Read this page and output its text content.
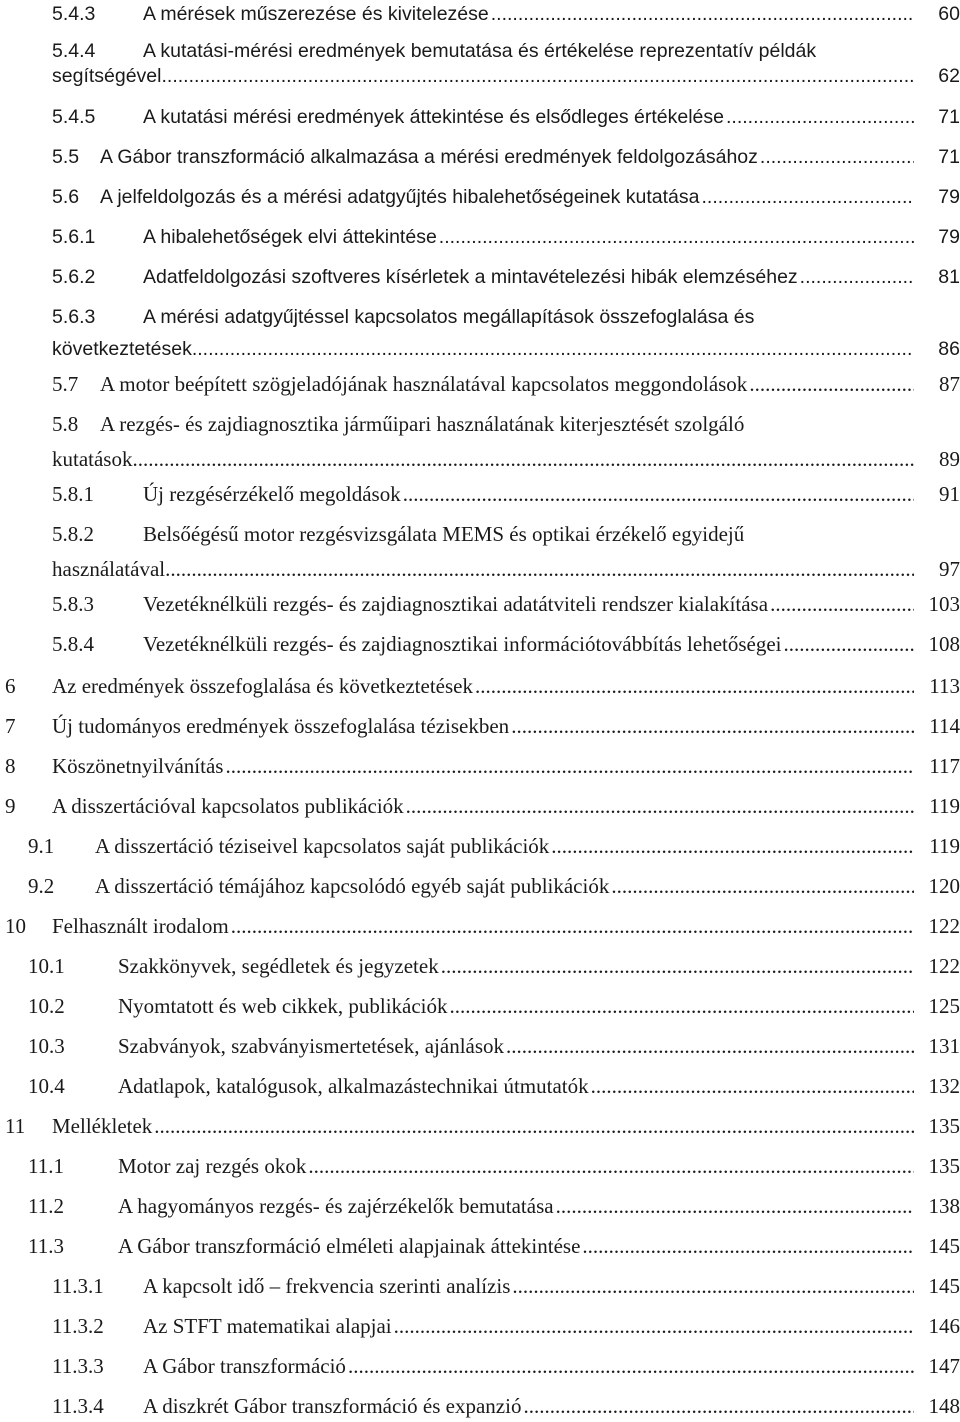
5.4.3 A mérések műszerezése és kivitelezése .....	60
5.4.4 A kutatási-mérési eredmények bemutatása és értékelése reprezentatív példák
segítségével .....	62
5.4.5 A kutatási mérési eredmények áttekintése és elsődleges értékelése .....	71
5.5 A Gábor transzformáció alkalmazása a mérési eredmények feldolgozásához .....	71
5.6 A jelfeldolgozás és a mérési adatgyűjtés hibalehetőségeinek kutatása .....	79
5.6.1 A hibalehetőségek elvi áttekintése .....	79
5.6.2 Adatfeldolgozási szoftveres kísérletek a mintavételezési hibák elemzéséhez .....	81
5.6.3 A mérési adatgyűjtéssel kapcsolatos megállapítások összefoglalása és
következtetések .....	86
5.7 A motor beépített szögjeladójának használatával kapcsolatos meggondolások .....	87
5.8 A rezgés- és zajdiagnosztika járműipari használatának kiterjesztését szolgáló
kutatások .....	89
5.8.1 Új rezgésérzékelő megoldások .....	91
5.8.2 Belsőégésű motor rezgésvizsgálata MEMS és optikai érzékelő egyidejű
használatával .....	97
5.8.3 Vezetéknélküli rezgés- és zajdiagnosztikai adatátviteli rendszer kialakítása .....	103
5.8.4 Vezetéknélküli rezgés- és zajdiagnosztikai információtovábbítás lehetőségei .....	108
6 Az eredmények összefoglalása és következtetések .....	113
7 Új tudományos eredmények összefoglalása tézisekben .....	114
8 Köszönetnyilvánítás .....	117
9 A disszertációval kapcsolatos publikációk .....	119
9.1 A disszertáció téziseivel kapcsolatos saját publikációk .....	119
9.2 A disszertáció témájához kapcsolódó egyéb saját publikációk .....	120
10 Felhasznált irodalom .....	122
10.1	Szakkönyvek, segédletek és jegyzetek .....	122
10.2	Nyomtatott és web cikkek, publikációk .....	125
10.3	Szabványok, szabványismertetések, ajánlások .....	131
10.4	Adatlapok, katalógusok, alkalmazástechnikai útmutatók .....	132
11 Mellékletek .....	135
11.1	Motor zaj rezgés okok .....	135
11.2	A hagyományos rezgés- és zajérzékelők bemutatása .....	138
11.3	A Gábor transzformáció elméleti alapjainak áttekintése .....	145
11.3.1 A kapcsolt idő – frekvencia szerinti analízis .....	145
11.3.2 Az STFT matematikai alapjai .....	146
11.3.3 A Gábor transzformáció .....	147
11.3.4 A diszkrét Gábor transzformáció és expanzió .....	148
